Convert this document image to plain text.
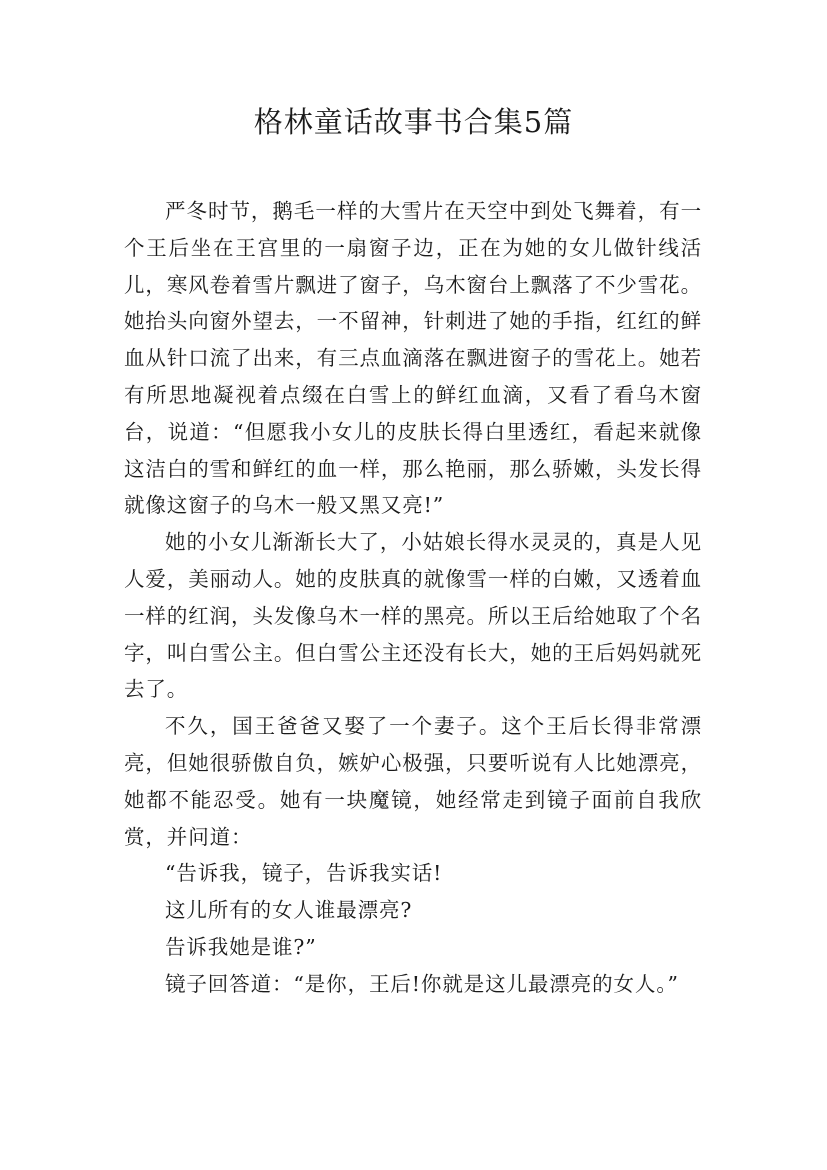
格林童话故事书合集5篇

严冬时节，鹅毛一样的大雪片在天空中到处飞舞着，有一个王后坐在王宫里的一扇窗子边，正在为她的女儿做针线活儿，寒风卷着雪片飘进了窗子，乌木窗台上飘落了不少雪花。她抬头向窗外望去，一不留神，针刺进了她的手指，红红的鲜血从针口流了出来，有三点血滴落在飘进窗子的雪花上。她若有所思地凝视着点缀在白雪上的鲜红血滴，又看了看乌木窗台，说道：“但愿我小女儿的皮肤长得白里透红，看起来就像这洁白的雪和鲜红的血一样，那么艳丽，那么骄嫩，头发长得就像这窗子的乌木一般又黑又亮!”

她的小女儿渐渐长大了，小姑娘长得水灵灵的，真是人见人爱，美丽动人。她的皮肤真的就像雪一样的白嫩，又透着血一样的红润，头发像乌木一样的黑亮。所以王后给她取了个名字，叫白雪公主。但白雪公主还没有长大，她的王后妈妈就死去了。

不久，国王爸爸又娶了一个妻子。这个王后长得非常漂亮，但她很骄傲自负，嫉妒心极强，只要听说有人比她漂亮，她都不能忍受。她有一块魔镜，她经常走到镜子面前自我欣赏，并问道：

“告诉我，镜子，告诉我实话!

这儿所有的女人谁最漂亮?

告诉我她是谁?”

镜子回答道：“是你，王后!你就是这儿最漂亮的女人。”
